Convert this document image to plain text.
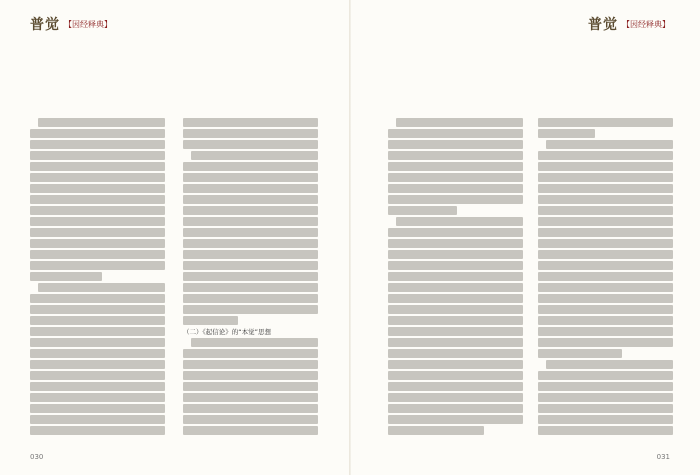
普觉 【因经释典】
（二）《起信论》的“本觉”思想
030
普觉 【因经释典】
031
